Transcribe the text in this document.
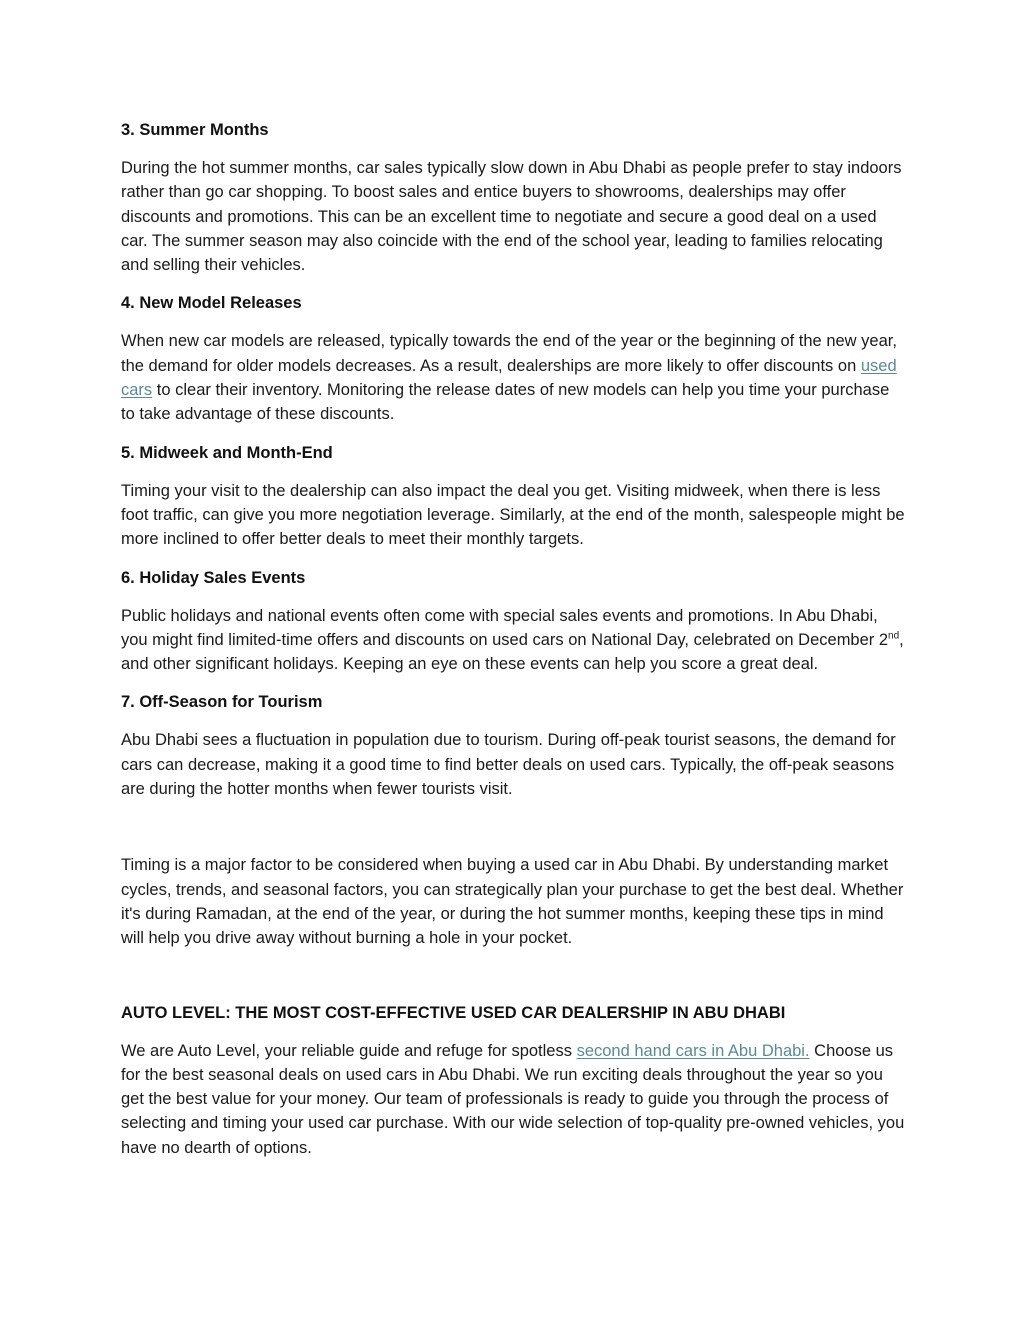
3. Summer Months

During the hot summer months, car sales typically slow down in Abu Dhabi as people prefer to stay indoors rather than go car shopping. To boost sales and entice buyers to showrooms, dealerships may offer discounts and promotions. This can be an excellent time to negotiate and secure a good deal on a used car. The summer season may also coincide with the end of the school year, leading to families relocating and selling their vehicles.

4. New Model Releases

When new car models are released, typically towards the end of the year or the beginning of the new year, the demand for older models decreases. As a result, dealerships are more likely to offer discounts on used cars to clear their inventory. Monitoring the release dates of new models can help you time your purchase to take advantage of these discounts.

5. Midweek and Month-End

Timing your visit to the dealership can also impact the deal you get. Visiting midweek, when there is less foot traffic, can give you more negotiation leverage. Similarly, at the end of the month, salespeople might be more inclined to offer better deals to meet their monthly targets.

6. Holiday Sales Events

Public holidays and national events often come with special sales events and promotions. In Abu Dhabi, you might find limited-time offers and discounts on used cars on National Day, celebrated on December 2nd, and other significant holidays. Keeping an eye on these events can help you score a great deal.

7. Off-Season for Tourism

Abu Dhabi sees a fluctuation in population due to tourism. During off-peak tourist seasons, the demand for cars can decrease, making it a good time to find better deals on used cars. Typically, the off-peak seasons are during the hotter months when fewer tourists visit.

Timing is a major factor to be considered when buying a used car in Abu Dhabi. By understanding market cycles, trends, and seasonal factors, you can strategically plan your purchase to get the best deal. Whether it's during Ramadan, at the end of the year, or during the hot summer months, keeping these tips in mind will help you drive away without burning a hole in your pocket.

AUTO LEVEL: THE MOST COST-EFFECTIVE USED CAR DEALERSHIP IN ABU DHABI

We are Auto Level, your reliable guide and refuge for spotless second hand cars in Abu Dhabi. Choose us for the best seasonal deals on used cars in Abu Dhabi. We run exciting deals throughout the year so you get the best value for your money. Our team of professionals is ready to guide you through the process of selecting and timing your used car purchase. With our wide selection of top-quality pre-owned vehicles, you have no dearth of options.
